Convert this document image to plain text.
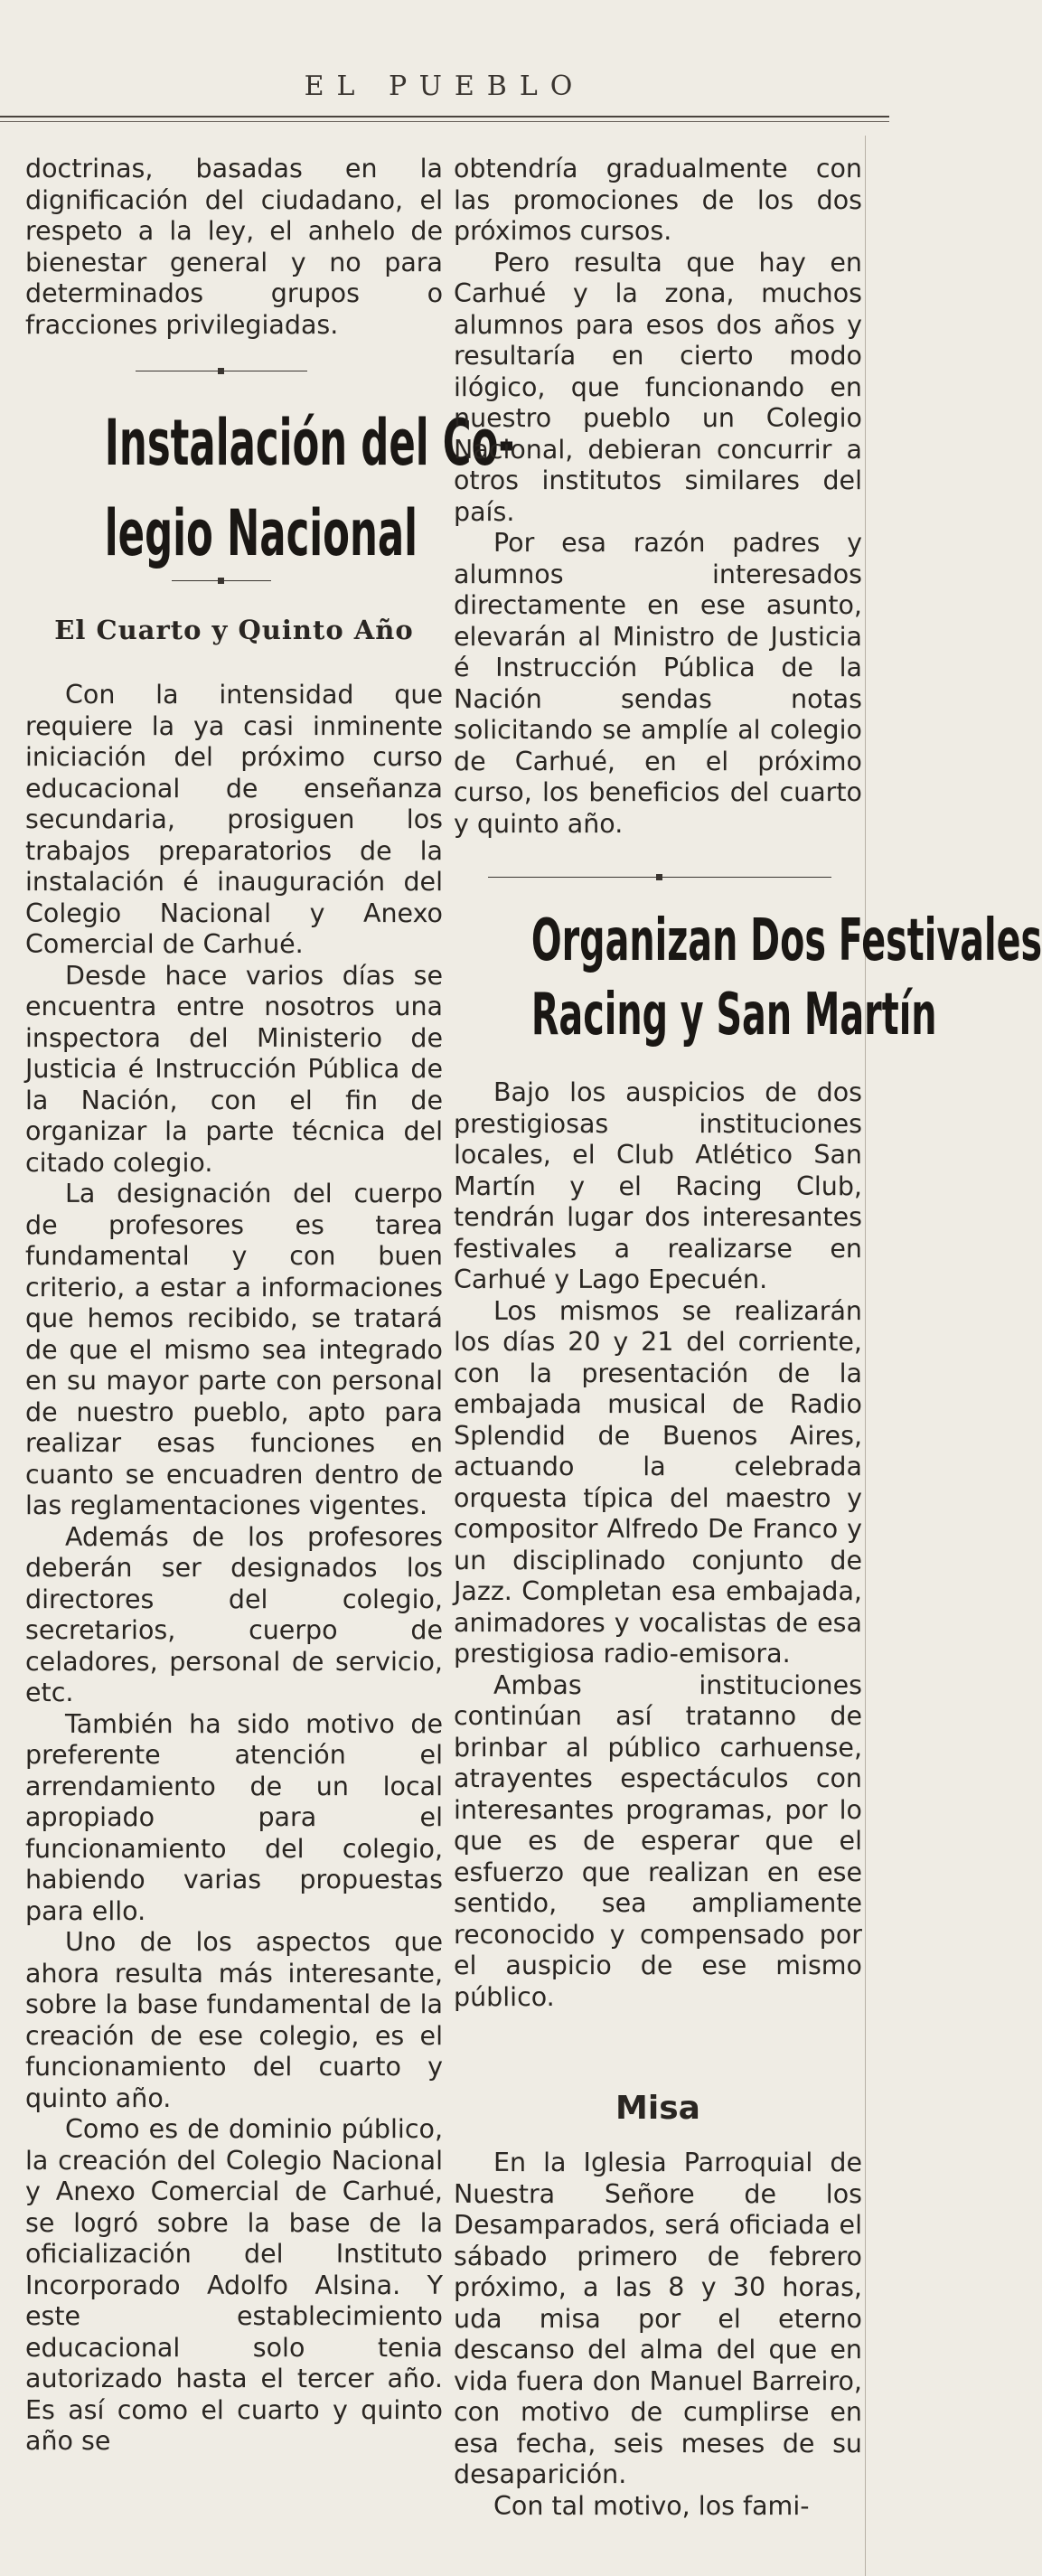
EL PUEBLO

doctrinas, basadas en la dignificación del ciudadano, el respeto a la ley, el anhelo de bienestar general y no para determinados grupos o fracciones privilegiadas.

Instalación del Co-
legio Nacional
El Cuarto y Quinto Año

Con la intensidad que requiere la ya casi inminente iniciación del próximo curso educacional de enseñanza secundaria, prosiguen los trabajos preparatorios de la instalación é inauguración del Colegio Nacional y Anexo Comercial de Carhué.

Desde hace varios días se encuentra entre nosotros una inspectora del Ministerio de Justicia é Instrucción Pública de la Nación, con el fin de organizar la parte técnica del citado colegio.

La designación del cuerpo de profesores es tarea fundamental y con buen criterio, a estar a informaciones que hemos recibido, se tratará de que el mismo sea integrado en su mayor parte con personal de nuestro pueblo, apto para realizar esas funciones en cuanto se encuadren dentro de las reglamentaciones vigentes.

Además de los profesores deberán ser designados los directores del colegio, secretarios, cuerpo de celadores, personal de servicio, etc.

También ha sido motivo de preferente atención el arrendamiento de un local apropiado para el funcionamiento del colegio, habiendo varias propuestas para ello.

Uno de los aspectos que ahora resulta más interesante, sobre la base fundamental de la creación de ese colegio, es el funcionamiento del cuarto y quinto año.

Como es de dominio público, la creación del Colegio Nacional y Anexo Comercial de Carhué, se logró sobre la base de la oficialización del Instituto Incorporado Adolfo Alsina. Y este establecimiento educacional solo tenia autorizado hasta el tercer año. Es así como el cuarto y quinto año se

obtendría gradualmente con las promociones de los dos próximos cursos.

Pero resulta que hay en Carhué y la zona, muchos alumnos para esos dos años y resultaría en cierto modo ilógico, que funcionando en nuestro pueblo un Colegio Nacional, debieran concurrir a otros institutos similares del país.

Por esa razón padres y alumnos interesados directamente en ese asunto, elevarán al Ministro de Justicia é Instrucción Pública de la Nación sendas notas solicitando se amplíe al colegio de Carhué, en el próximo curso, los beneficios del cuarto y quinto año.

Organizan Dos Festivales
Racing y San Martín

Bajo los auspicios de dos prestigiosas instituciones locales, el Club Atlético San Martín y el Racing Club, tendrán lugar dos interesantes festivales a realizarse en Carhué y Lago Epecuén.

Los mismos se realizarán los días 20 y 21 del corriente, con la presentación de la embajada musical de Radio Splendid de Buenos Aires, actuando la celebrada orquesta típica del maestro y compositor Alfredo De Franco y un disciplinado conjunto de Jazz. Completan esa embajada, animadores y vocalistas de esa prestigiosa radio-emisora.

Ambas instituciones continúan así tratanno de brinbar al público carhuense, atrayentes espectáculos con interesantes programas, por lo que es de esperar que el esfuerzo que realizan en ese sentido, sea ampliamente reconocido y compensado por el auspicio de ese mismo público.

Misa

En la Iglesia Parroquial de Nuestra Señore de los Desamparados, será oficiada el sábado primero de febrero próximo, a las 8 y 30 horas, uda misa por el eterno descanso del alma del que en vida fuera don Manuel Barreiro, con motivo de cumplirse en esa fecha, seis meses de su desaparición.

Con tal motivo, los fami-
